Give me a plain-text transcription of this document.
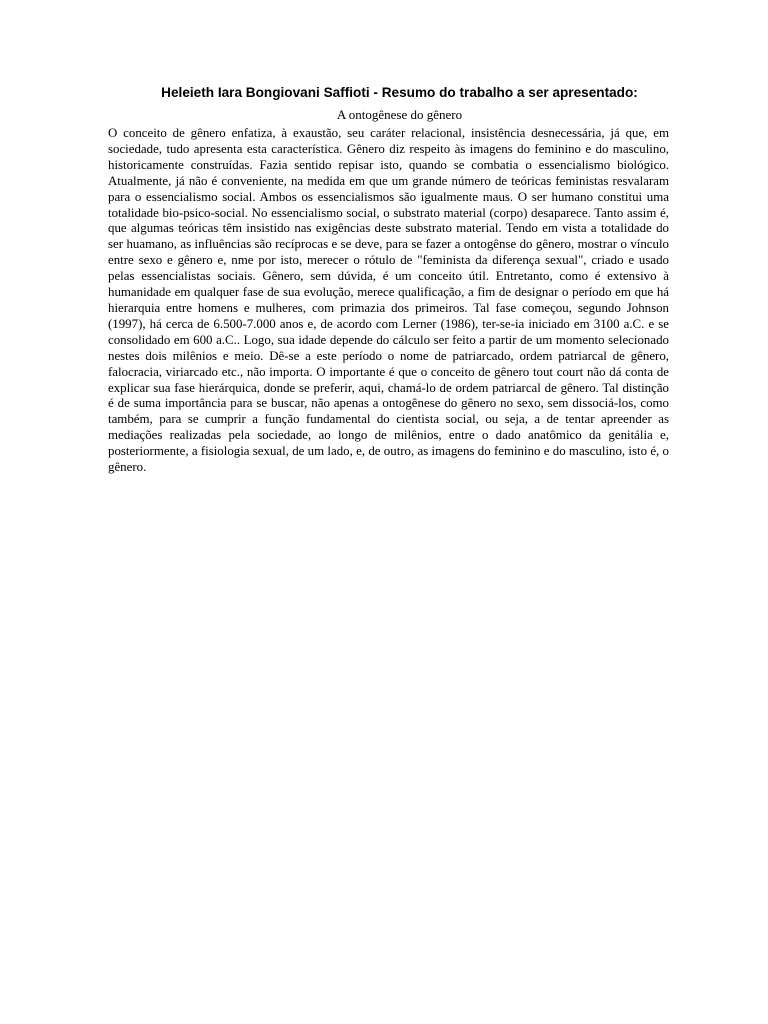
Heleieth Iara Bongiovani Saffioti - Resumo do trabalho a ser apresentado:
A ontogênese do gênero

O conceito de gênero enfatiza, à exaustão, seu caráter relacional, insistência desnecessária, já que, em sociedade, tudo apresenta esta característica. Gênero diz respeito às imagens do feminino e do masculino, historicamente construídas. Fazia sentido repisar isto, quando se combatia o essencialismo biológico. Atualmente, já não é conveniente, na medida em que um grande número de teóricas feministas resvalaram para o essencialismo social. Ambos os essencialismos são igualmente maus. O ser humano constitui uma totalidade bio-psico-social. No essencialismo social, o substrato material (corpo) desaparece. Tanto assim é, que algumas teóricas têm insistido nas exigências deste substrato material. Tendo em vista a totalidade do ser huamano, as influências são recíprocas e se deve, para se fazer a ontogênse do gênero, mostrar o vínculo entre sexo e gênero e, nme por isto, merecer o rótulo de "feminista da diferença sexual", criado e usado pelas essencialistas sociais. Gênero, sem dúvida, é um conceito útil. Entretanto, como é extensivo à humanidade em qualquer fase de sua evolução, merece qualificação, a fim de designar o período em que há hierarquia entre homens e mulheres, com primazia dos primeiros. Tal fase começou, segundo Johnson (1997), há cerca de 6.500-7.000 anos e, de acordo com Lerner (1986), ter-se-ia iniciado em 3100 a.C. e se consolidado em 600 a.C.. Logo, sua idade depende do cálculo ser feito a partir de um momento selecionado nestes dois milênios e meio. Dê-se a este período o nome de patriarcado, ordem patriarcal de gênero, falocracia, viriarcado etc., não importa. O importante é que o conceito de gênero tout court não dá conta de explicar sua fase hierárquica, donde se preferir, aqui, chamá-lo de ordem patriarcal de gênero. Tal distinção é de suma importância para se buscar, não apenas a ontogênese do gênero no sexo, sem dissociá-los, como também, para se cumprir a função fundamental do cientista social, ou seja, a de tentar apreender as mediações realizadas pela sociedade, ao longo de milênios, entre o dado anatômico da genitália e, posteriormente, a fisiologia sexual, de um lado, e, de outro, as imagens do feminino e do masculino, isto é, o gênero.
